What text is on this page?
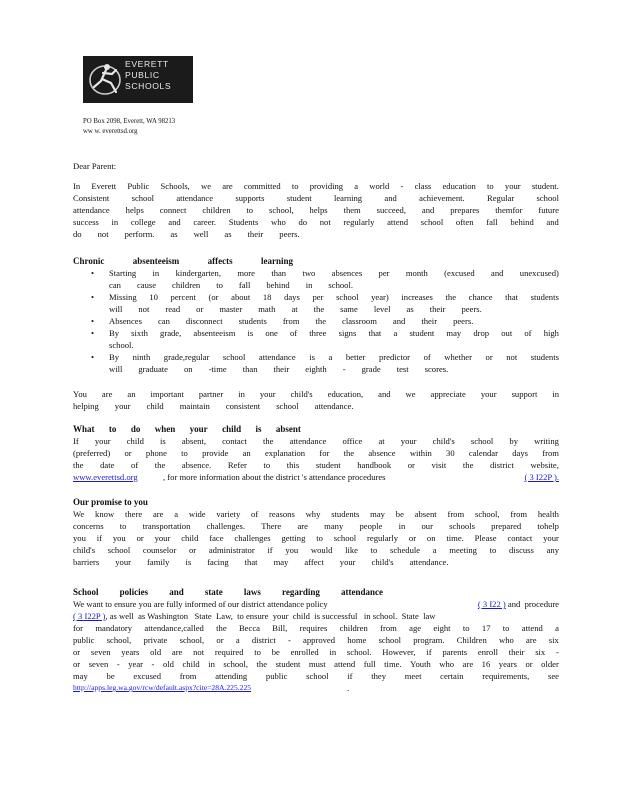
EVERETT
PUBLIC
SCHOOLS
PO Box 2098, Everett, WA 98213
ww w. everettsd.org
Dear Parent:
In Everett Public Schools, we are committed to providing a world - class education to your student.
Consistent	school	attendance	supports	student	learning	and	achievement.	Regular	school
attendance helps connect children to school, helps them succeed, and prepares themfor future
success in college and career. Students who do not regularly attend school often fall behind and
do not perform. as well as their peers.
Chronic	absenteeism	affects	learning
• Starting in kindergarten, more than two absences per month (excused and unexcused)
can cause children to fall behind in school.
• Missing 10 percent (or about 18 days per school year) increases the chance that students
will not read or master math at the same level as their peers.
• Absences can disconnect students from the classroom and their peers.
• By sixth grade, absenteeism is one of three signs that a student may drop out of high
school.
• By ninth grade,regular school attendance is a better predictor of whether or not students
will graduate on -time than their eighth - grade test scores.
You are an important partner in your child's education, and we appreciate your support in
helping your child maintain consistent school attendance.
What to do when your child is absent
If your child is absent, contact the attendance office at your child's school by writing
(preferred) or phone to provide an explanation for the absence within 30 calendar days from
the date of the absence. Refer to this student handbook or visit the district website,
www.everettsd.org	, for more information about the district 's attendance procedures	( 3 I22P ).
Our promise to you
We know there are a wide variety of reasons why students may be absent from school, from health
concerns to transportation challenges. There are many people in our schools prepared tohelp
you if you or your child face challenges getting to school regularly or on time. Please contact your
child's school counselor or administrator if you would like to schedule a meeting to discuss any
barriers your family is facing that may affect your child's attendance.
School policies and state laws regarding attendance
We want to ensure you are fully informed of our district attendance policy	( 3 I22 ) and  procedure
( 3 I22P ) , as well  as Washington   State  Law,  to ensure  your  child  is successful   in school.  State  law
for mandatory attendance,called the Becca Bill, requires children from age eight to 17 to attend a
public school, private school, or a district - approved home school program. Children who are six
or seven years old are not required to be enrolled in school. However, if parents enroll their six -
or seven - year - old child in school, the student must attend full time. Youth who are 16 years or older
may be excused from attending public school if they meet certain requirements, see
http://apps.leg.wa.gov/rcw/default.aspx?cite=28A.225.225	.
